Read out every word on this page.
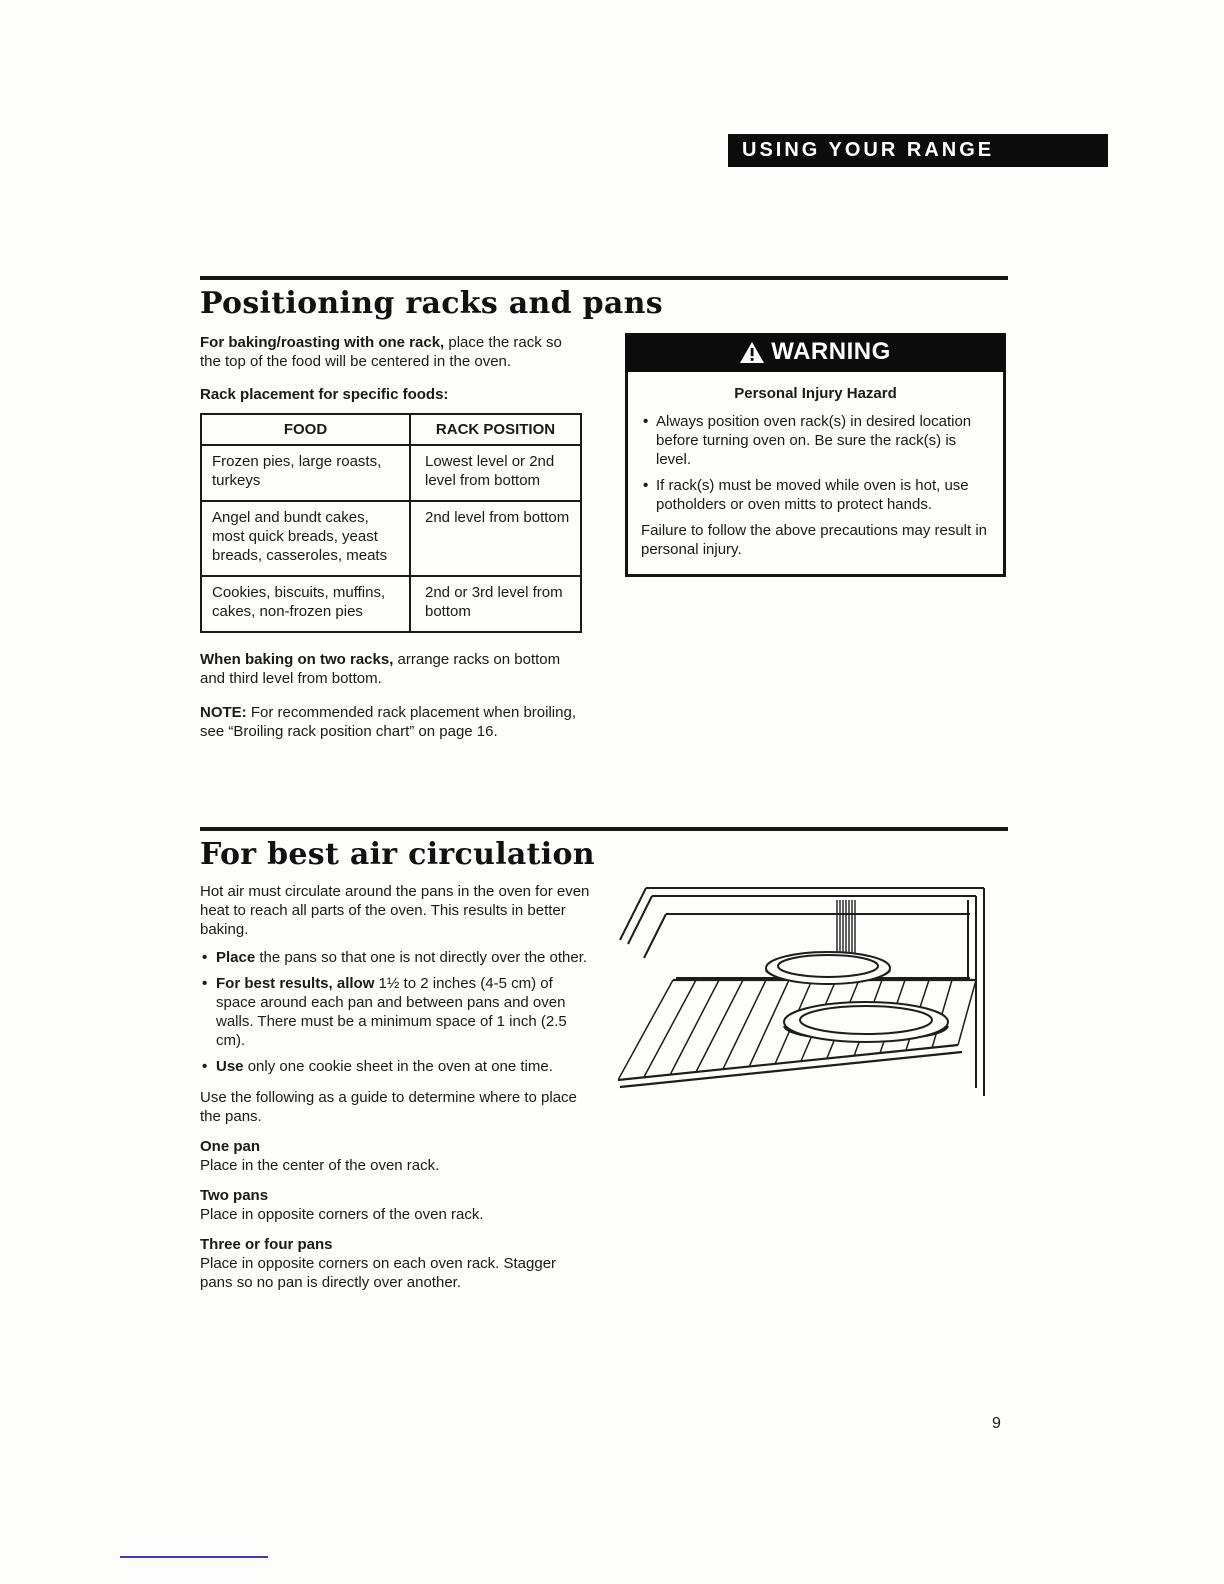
USING YOUR RANGE
Positioning racks and pans

For baking/roasting with one rack, place the rack so the top of the food will be centered in the oven.

Rack placement for specific foods:

FOOD	RACK POSITION
Frozen pies, large roasts, turkeys	Lowest level or 2nd level from bottom
Angel and bundt cakes, most quick breads, yeast breads, casseroles, meats	2nd level from bottom
Cookies, biscuits, muffins, cakes, non-frozen pies	2nd or 3rd level from bottom

When baking on two racks, arrange racks on bottom and third level from bottom.

NOTE: For recommended rack placement when broiling, see “Broiling rack position chart” on page 16.

WARNING

Personal Injury Hazard

• Always position oven rack(s) in desired location before turning oven on. Be sure the rack(s) is level.
• If rack(s) must be moved while oven is hot, use potholders or oven mitts to protect hands.

Failure to follow the above precautions may result in personal injury.

For best air circulation

Hot air must circulate around the pans in the oven for even heat to reach all parts of the oven. This results in better baking.

• Place the pans so that one is not directly over the other.
• For best results, allow 1½ to 2 inches (4-5 cm) of space around each pan and between pans and oven walls. There must be a minimum space of 1 inch (2.5 cm).
• Use only one cookie sheet in the oven at one time.

Use the following as a guide to determine where to place the pans.

One pan

Place in the center of the oven rack.

Two pans

Place in opposite corners of the oven rack.

Three or four pans

Place in opposite corners on each oven rack. Stagger pans so no pan is directly over another.

9
